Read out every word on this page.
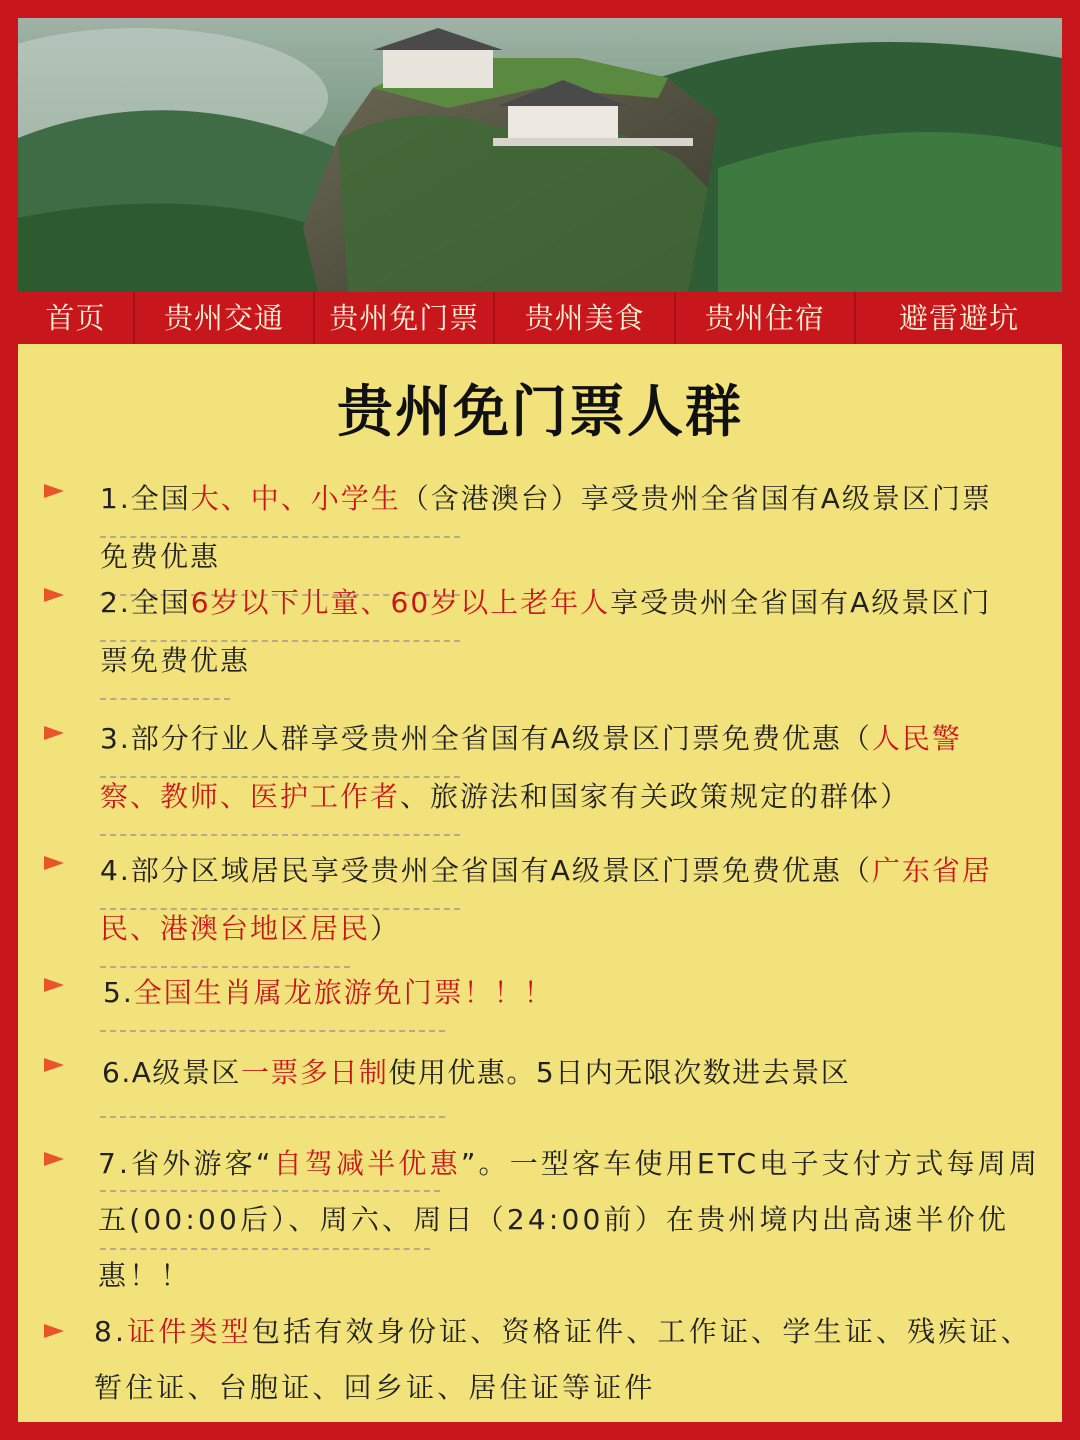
首页	贵州交通	贵州免门票	贵州美食	贵州住宿	避雷避坑
贵州免门票人群
1.全国大、中、小学生（含港澳台）享受贵州全省国有A级景区门票免费优惠
2.全国6岁以下儿童、60岁以上老年人享受贵州全省国有A级景区门票免费优惠
3.部分行业人群享受贵州全省国有A级景区门票免费优惠（人民警察、教师、医护工作者、旅游法和国家有关政策规定的群体）
4.部分区域居民享受贵州全省国有A级景区门票免费优惠（广东省居民、港澳台地区居民）
5.全国生肖属龙旅游免门票！！！
6.A级景区一票多日制使用优惠。5日内无限次数进去景区
7.省外游客“自驾减半优惠”。一型客车使用ETC电子支付方式每周周五(00:00后）、周六、周日（24:00前）在贵州境内出高速半价优惠！！
8.证件类型包括有效身份证、资格证件、工作证、学生证、残疾证、暂住证、台胞证、回乡证、居住证等证件
